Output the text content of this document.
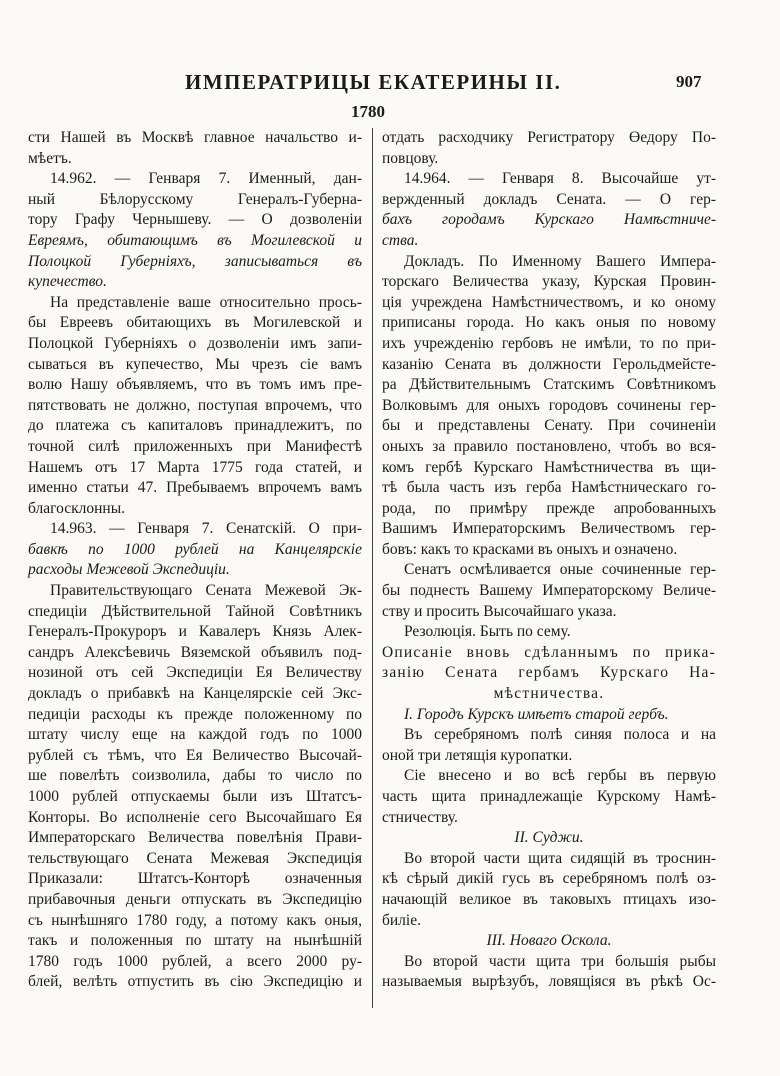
ИМПЕРАТРИЦЫ ЕКАТЕРИНЫ II.	907
1780
сти Нашей въ Москвѣ главное начальство и-
мѣетъ.
14.962. — Генваря 7. Именный, дан-
ный Бѣлорусскому Генералъ-Губерна-
тору Графу Чернышеву. — О дозволенiи
Евреямъ, обитающимъ въ Могилевской и
Полоцкой Губернiяхъ, записываться въ
купечество.
На представленiе ваше относительно прось-
бы Евреевъ обитающихъ въ Могилевской и
Полоцкой Губернiяхъ о дозволенiи имъ запи-
сываться въ купечество, Мы чрезъ сiе вамъ
волю Нашу объявляемъ, что въ томъ имъ пре-
пятствовать не должно, поступая впрочемъ, что
до платежа съ капиталовъ принадлежитъ, по
точной силѣ приложенныхъ при Манифестѣ
Нашемъ отъ 17 Марта 1775 года статей, и
именно статьи 47. Пребываемъ впрочемъ вамъ
благосклонны.
14.963. — Генваря 7. Сенатскiй. О при-
бавкѣ по 1000 рублей на Канцелярскiе
расходы Межевой Экспедицiи.
Правительствующаго Сената Межевой Эк-
спедицiи Дѣйствительной Тайной Совѣтникъ
Генералъ-Прокуроръ и Кавалеръ Князь Алек-
сандръ Алексѣевичь Вяземской объявилъ под-
нозиной отъ сей Экспедицiи Ея Величеству
докладъ о прибавкѣ на Канцелярскiе сей Экс-
педицiи расходы къ прежде положенному по
штату числу еще на каждой годъ по 1000
рублей съ тѣмъ, что Ея Величество Высочай-
ше повелѣть соизволила, дабы то число по
1000 рублей отпускаемы были изъ Штатсъ-
Конторы. Во исполненiе сего Высочайшаго Ея
Императорскаго Величества повелѣнiя Прави-
тельствующаго Сената Межевая Экспедицiя
Приказали: Штатсъ-Конторѣ означенныя
прибавочныя деньги отпускать въ Экспедицiю
съ нынѣшняго 1780 году, а потому какъ оныя,
такъ и положенныя по штату на нынѣшнiй
1780 годъ 1000 рублей, а всего 2000 ру-
блей, велѣть отпустить въ сiю Экспедицiю и
отдать расходчику Регистратору Өедору По-
повцову.
14.964. — Генваря 8. Высочайше ут-
вержденный докладъ Сената. — О гер-
бахъ городамъ Курскаго Намѣстниче-
ства.
Докладъ. По Именному Вашего Импера-
торскаго Величества указу, Курская Провин-
цiя учреждена Намѣстничествомъ, и ко оному
приписаны города. Но какъ оныя по новому
ихъ учрежденiю гербовъ не имѣли, то по при-
казанiю Сената въ должности Герольдмейсте-
ра Дѣйствительнымъ Статскимъ Совѣтникомъ
Волковымъ для оныхъ городовъ сочинены гер-
бы и представлены Сенату. При сочиненiи
оныхъ за правило постановлено, чтобъ во вся-
комъ гербѣ Курскаго Намѣстничества въ щи-
тѣ была часть изъ герба Намѣстническаго го-
рода, по примѣру прежде апробованныхъ
Вашимъ Императорскимъ Величествомъ гер-
бовъ: какъ то красками въ оныхъ и означено.
Сенатъ осмѣливается оные сочиненные гер-
бы поднесть Вашему Императорскому Величе-
ству и просить Высочайшаго указа.
Резолюцiя. Быть по сему.
Описанiе вновь сдѣланнымъ по прика-
занiю Сената гербамъ Курскаго На-
мѣстничества.
I. Городъ Курскъ имѣетъ старой гербъ.
Въ серебряномъ полѣ синяя полоса и на
оной три летящiя куропатки.
Сiе внесено и во всѣ гербы въ первую
часть щита принадлежащiе Курскому Намѣ-
стничеству.
II. Суджи.
Во второй части щита сидящiй въ троснин-
кѣ сѣрый дикiй гусь въ серебряномъ полѣ оз-
начающiй великое въ таковыхъ птицахъ изо-
билiе.
III. Новаго Оскола.
Во второй части щита три большiя рыбы
называемыя вырѣзубъ, ловящiяся въ рѣкѣ Ос-
